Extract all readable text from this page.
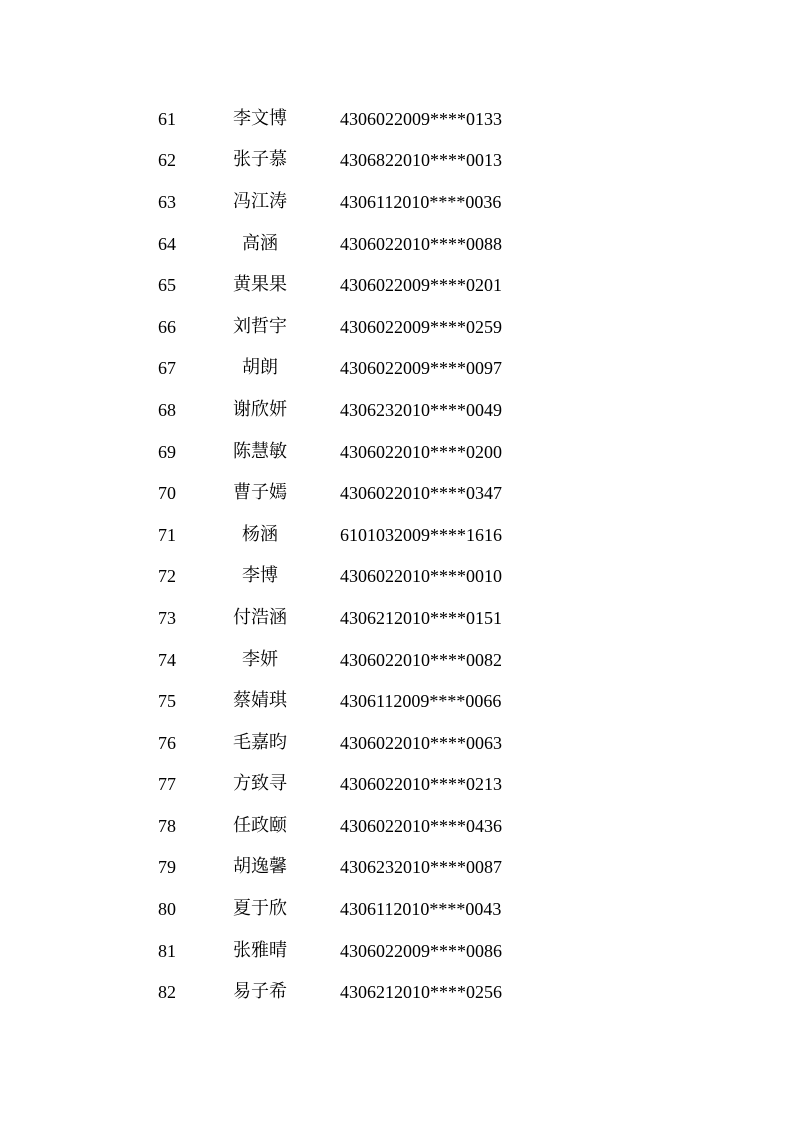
61	李文博	4306022009****0133
62	张子慕	4306822010****0013
63	冯江涛	4306112010****0036
64	高涵	4306022010****0088
65	黄果果	4306022009****0201
66	刘哲宇	4306022009****0259
67	胡朗	4306022009****0097
68	谢欣妍	4306232010****0049
69	陈慧敏	4306022010****0200
70	曹子嫣	4306022010****0347
71	杨涵	6101032009****1616
72	李博	4306022010****0010
73	付浩涵	4306212010****0151
74	李妍	4306022010****0082
75	蔡婧琪	4306112009****0066
76	毛嘉昀	4306022010****0063
77	方致寻	4306022010****0213
78	任政颐	4306022010****0436
79	胡逸馨	4306232010****0087
80	夏于欣	4306112010****0043
81	张雅晴	4306022009****0086
82	易子希	4306212010****0256
